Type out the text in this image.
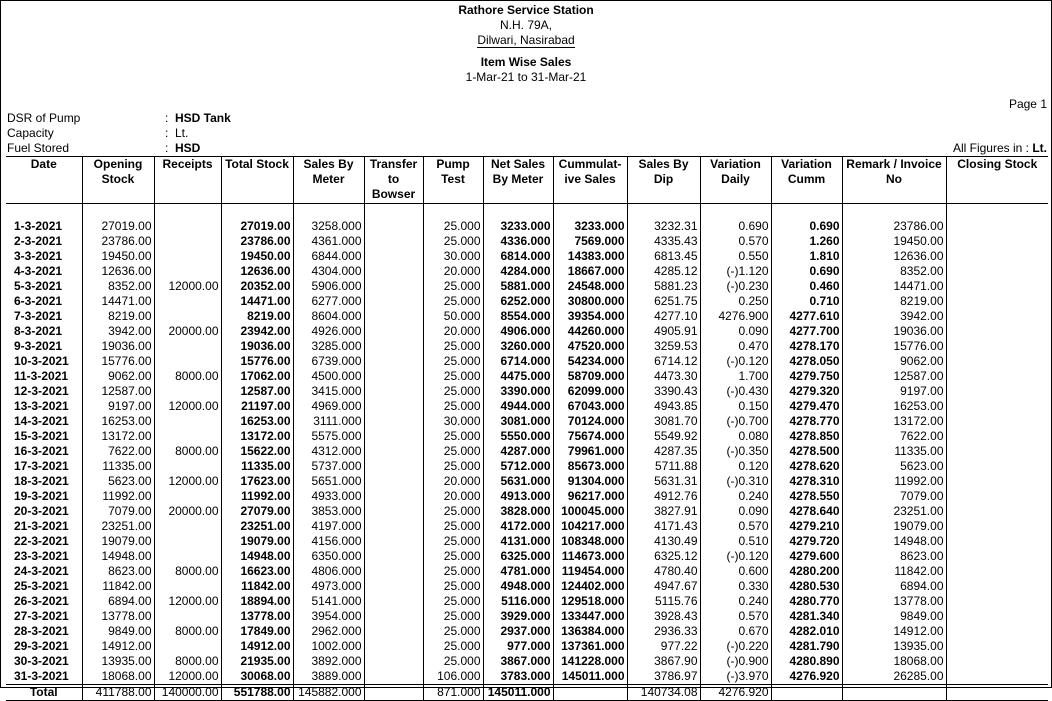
Rathore Service Station
N.H. 79A,
Dilwari, Nasirabad
Item Wise Sales
1-Mar-21 to 31-Mar-21
Page 1
DSR of Pump	: HSD Tank
Capacity	: Lt.
Fuel Stored	: HSD	All Figures in : Lt.
Date	Opening Stock	Receipts	Total Stock	Sales By Meter	Transfer to Bowser	Pump Test	Net Sales By Meter	Cummulat- ive Sales	Sales By Dip	Variation Daily	Variation Cumm	Remark / Invoice No	Closing Stock

1-3-2021	27019.00		27019.00	3258.000		25.000	3233.000	3233.000	3232.31	0.690	0.690	23786.00	
2-3-2021	23786.00		23786.00	4361.000		25.000	4336.000	7569.000	4335.43	0.570	1.260	19450.00	
3-3-2021	19450.00		19450.00	6844.000		30.000	6814.000	14383.000	6813.45	0.550	1.810	12636.00	
4-3-2021	12636.00		12636.00	4304.000		20.000	4284.000	18667.000	4285.12	(-)1.120	0.690	8352.00	
5-3-2021	8352.00	12000.00	20352.00	5906.000		25.000	5881.000	24548.000	5881.23	(-)0.230	0.460	14471.00	
6-3-2021	14471.00		14471.00	6277.000		25.000	6252.000	30800.000	6251.75	0.250	0.710	8219.00	
7-3-2021	8219.00		8219.00	8604.000		50.000	8554.000	39354.000	4277.10	4276.900	4277.610	3942.00	
8-3-2021	3942.00	20000.00	23942.00	4926.000		20.000	4906.000	44260.000	4905.91	0.090	4277.700	19036.00	
9-3-2021	19036.00		19036.00	3285.000		25.000	3260.000	47520.000	3259.53	0.470	4278.170	15776.00	
10-3-2021	15776.00		15776.00	6739.000		25.000	6714.000	54234.000	6714.12	(-)0.120	4278.050	9062.00	
11-3-2021	9062.00	8000.00	17062.00	4500.000		25.000	4475.000	58709.000	4473.30	1.700	4279.750	12587.00	
12-3-2021	12587.00		12587.00	3415.000		25.000	3390.000	62099.000	3390.43	(-)0.430	4279.320	9197.00	
13-3-2021	9197.00	12000.00	21197.00	4969.000		25.000	4944.000	67043.000	4943.85	0.150	4279.470	16253.00	
14-3-2021	16253.00		16253.00	3111.000		30.000	3081.000	70124.000	3081.70	(-)0.700	4278.770	13172.00	
15-3-2021	13172.00		13172.00	5575.000		25.000	5550.000	75674.000	5549.92	0.080	4278.850	7622.00	
16-3-2021	7622.00	8000.00	15622.00	4312.000		25.000	4287.000	79961.000	4287.35	(-)0.350	4278.500	11335.00	
17-3-2021	11335.00		11335.00	5737.000		25.000	5712.000	85673.000	5711.88	0.120	4278.620	5623.00	
18-3-2021	5623.00	12000.00	17623.00	5651.000		20.000	5631.000	91304.000	5631.31	(-)0.310	4278.310	11992.00	
19-3-2021	11992.00		11992.00	4933.000		20.000	4913.000	96217.000	4912.76	0.240	4278.550	7079.00	
20-3-2021	7079.00	20000.00	27079.00	3853.000		25.000	3828.000	100045.000	3827.91	0.090	4278.640	23251.00	
21-3-2021	23251.00		23251.00	4197.000		25.000	4172.000	104217.000	4171.43	0.570	4279.210	19079.00	
22-3-2021	19079.00		19079.00	4156.000		25.000	4131.000	108348.000	4130.49	0.510	4279.720	14948.00	
23-3-2021	14948.00		14948.00	6350.000		25.000	6325.000	114673.000	6325.12	(-)0.120	4279.600	8623.00	
24-3-2021	8623.00	8000.00	16623.00	4806.000		25.000	4781.000	119454.000	4780.40	0.600	4280.200	11842.00	
25-3-2021	11842.00		11842.00	4973.000		25.000	4948.000	124402.000	4947.67	0.330	4280.530	6894.00	
26-3-2021	6894.00	12000.00	18894.00	5141.000		25.000	5116.000	129518.000	5115.76	0.240	4280.770	13778.00	
27-3-2021	13778.00		13778.00	3954.000		25.000	3929.000	133447.000	3928.43	0.570	4281.340	9849.00	
28-3-2021	9849.00	8000.00	17849.00	2962.000		25.000	2937.000	136384.000	2936.33	0.670	4282.010	14912.00	
29-3-2021	14912.00		14912.00	1002.000		25.000	977.000	137361.000	977.22	(-)0.220	4281.790	13935.00	
30-3-2021	13935.00	8000.00	21935.00	3892.000		25.000	3867.000	141228.000	3867.90	(-)0.900	4280.890	18068.00	
31-3-2021	18068.00	12000.00	30068.00	3889.000		106.000	3783.000	145011.000	3786.97	(-)3.970	4276.920	26285.00	
Total	411788.00	140000.00	551788.00	145882.000		871.000	145011.000		140734.08	4276.920			
